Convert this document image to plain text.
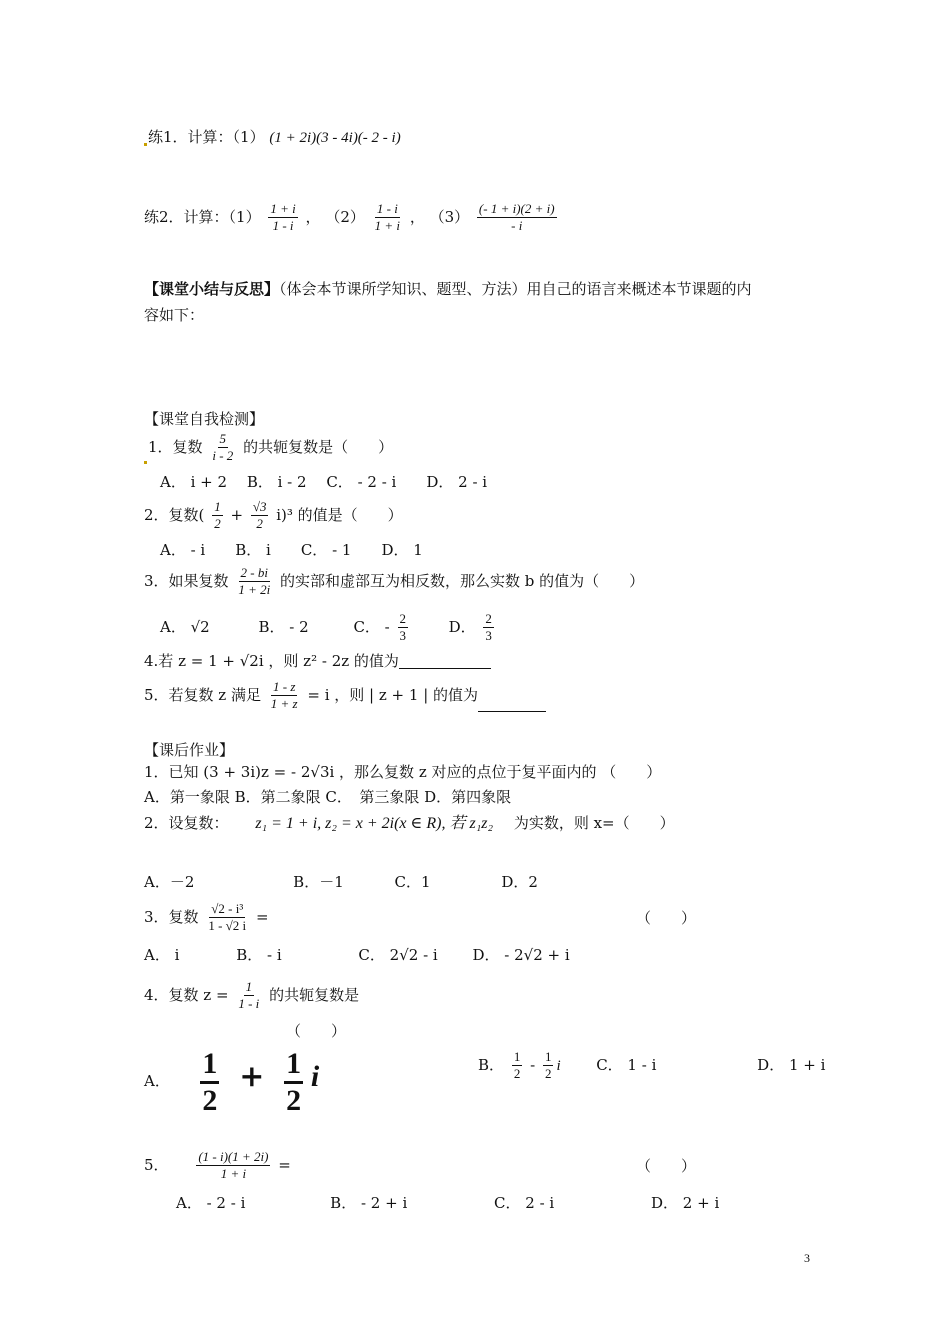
练1．计算：（1） (1 + 2i)(3 - 4i)(- 2 - i)
练2．计算：$(1) \frac{1 + i}{1 - i}$ ， $(2) \frac{1 - i}{1 + i}$ ， $(3) \frac{(- 1 + i)(2 + i)}{- i}$
【课堂小结与反思】（体会本节课所学知识、题型、方法）用自己的语言来概述本节课题的内
容如下：
【课堂自我检测】
1．复数 $\frac{5}{i - 2}$ 的共轭复数是（　　）
A． i + 2　 B． i - 2　 C． - 2 - i　　D． 2 - i
2．复数( $\frac{1}{2} + \frac{√3}{2} i)^3$ 的值是（　　）
A． - i　　B． i　　C． - 1　　D． 1
3．如果复数 $\frac{2 - bi}{1 + 2i}$ 的实部和虚部互为相反数，那么实数 b 的值为（　　）
A． √2	B． - 2	C． - $\frac{2}{3}$	D． $\frac{2}{3}$
4.若 z = 1 + √2i ，则 z² - 2z 的值为
5．若复数 z 满足 $\frac{1 - z}{1 + z} = i$ ，则 | z + 1 | 的值为
【课后作业】
1．已知 (3 + 3i)z = - 2√3i ，那么复数 z 对应的点位于复平面内的 （　　）
A．第一象限 B．第二象限 C．　第三象限 D．第四象限
2．设复数： z₁ = 1 + i, z₂ = x + 2i(x ∈ R), 若 z₁z₂ 为实数，则 x=（　　）
A．－2	B．－1	C．1	D．2
3．复数 $\frac{\text{√2 - i³}}{1 - √2 i}$ =	（　　）
A． i	B． - i	C． 2√2 - i D． - 2√2 + i
4．复数 $z = \frac{1}{1 - i}$ 的共轭复数是
（　　）
A． $\frac{1}{2} + \frac{1}{2}$ i	B． $\frac{1}{2} - \frac{1}{2}$ i C． 1 - i	D． 1 + i
5． $\frac{(1 - i)(1 + 2i)}{1 + i}$ =	（　　）
A． - 2 - i	B． - 2 + i	C． 2 - i	D． 2 + i
3
